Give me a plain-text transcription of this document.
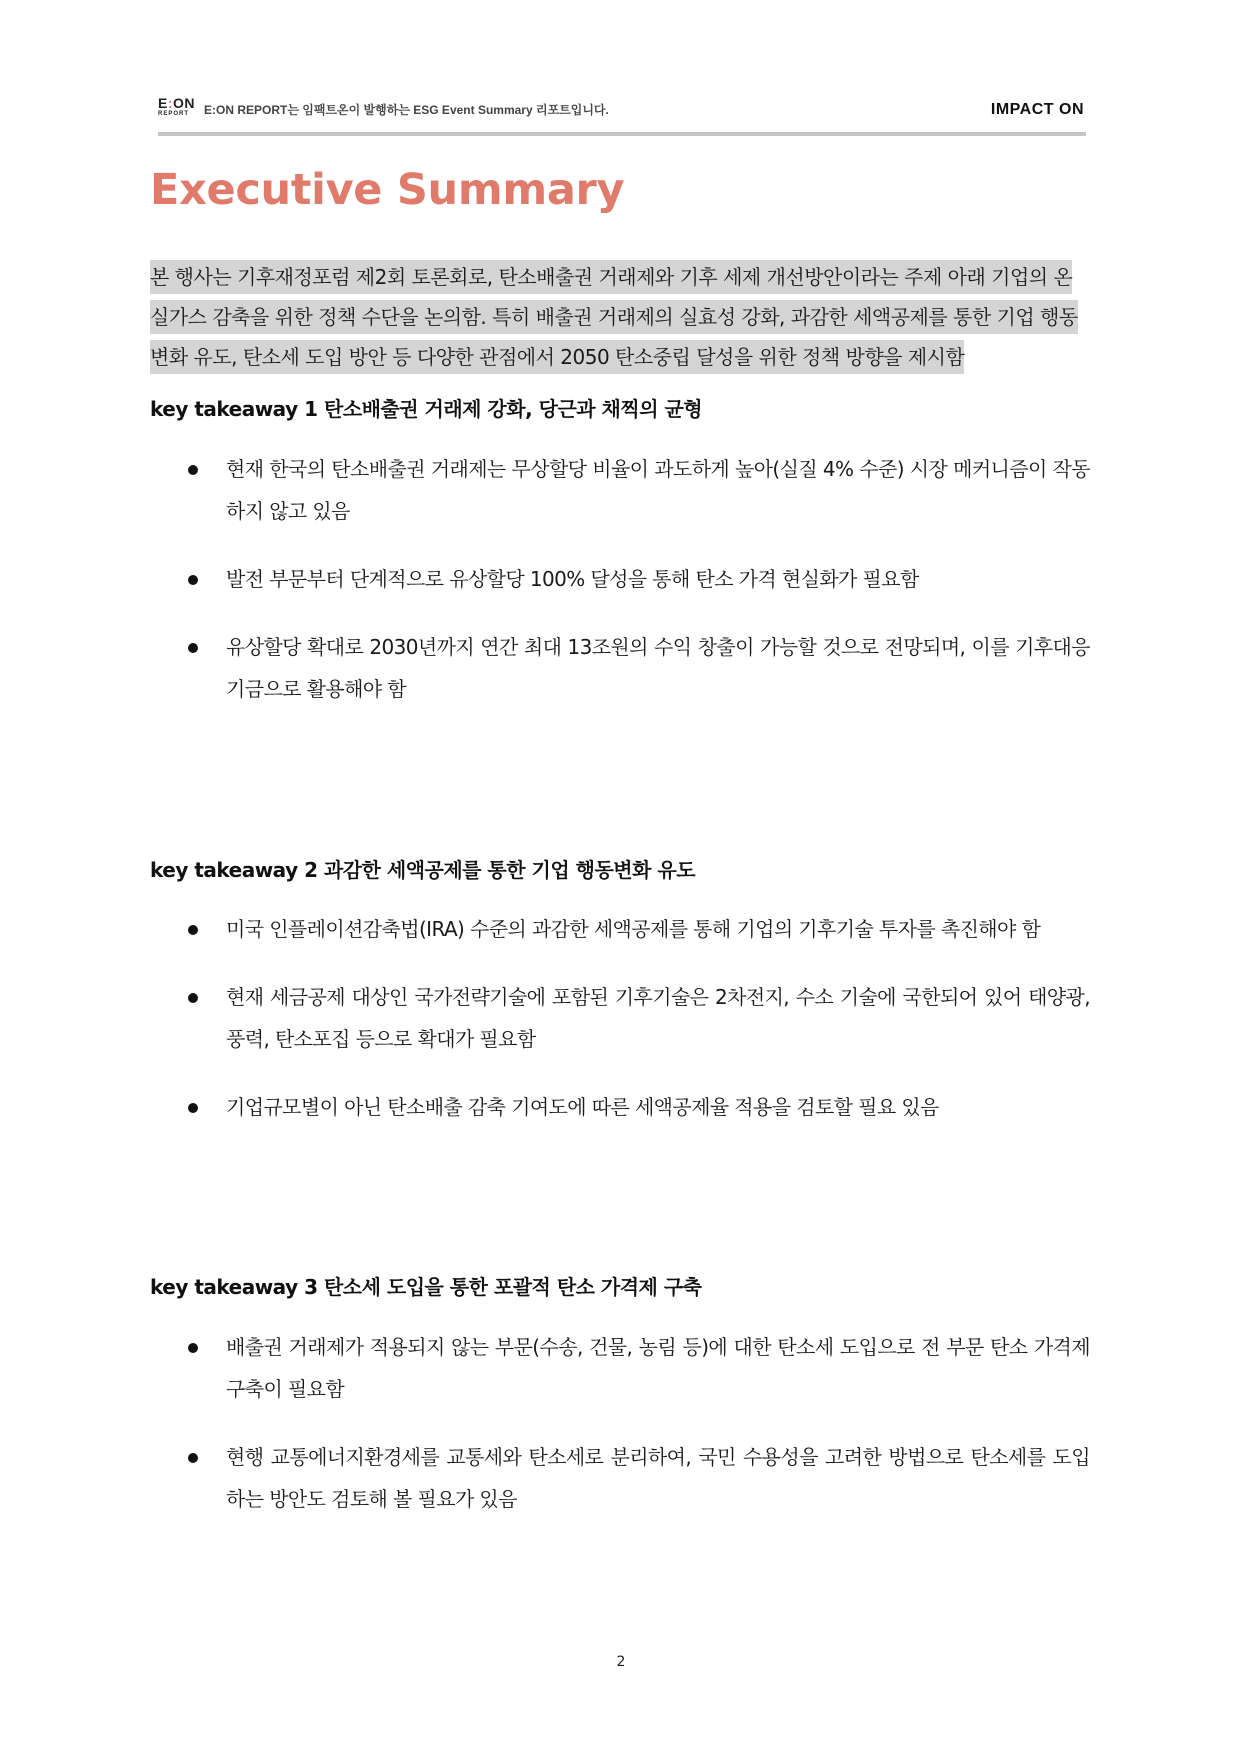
E:ON
REPORT	E:ON REPORT는 임팩트온이 발행하는 ESG Event Summary 리포트입니다.	IMPACT ON
Executive Summary

본 행사는 기후재정포럼 제2회 토론회로, 탄소배출권 거래제와 기후 세제 개선방안이라는 주제 아래 기업의 온실가스 감축을 위한 정책 수단을 논의함. 특히 배출권 거래제의 실효성 강화, 과감한 세액공제를 통한 기업 행동변화 유도, 탄소세 도입 방안 등 다양한 관점에서 2050 탄소중립 달성을 위한 정책 방향을 제시함

key takeaway 1 탄소배출권 거래제 강화, 당근과 채찍의 균형
현재 한국의 탄소배출권 거래제는 무상할당 비율이 과도하게 높아(실질 4% 수준) 시장 메커니즘이 작동하지 않고 있음
발전 부문부터 단계적으로 유상할당 100% 달성을 통해 탄소 가격 현실화가 필요함
유상할당 확대로 2030년까지 연간 최대 13조원의 수익 창출이 가능할 것으로 전망되며, 이를 기후대응기금으로 활용해야 함
key takeaway 2 과감한 세액공제를 통한 기업 행동변화 유도
미국 인플레이션감축법(IRA) 수준의 과감한 세액공제를 통해 기업의 기후기술 투자를 촉진해야 함
현재 세금공제 대상인 국가전략기술에 포함된 기후기술은 2차전지, 수소 기술에 국한되어 있어 태양광, 풍력, 탄소포집 등으로 확대가 필요함
기업규모별이 아닌 탄소배출 감축 기여도에 따른 세액공제율 적용을 검토할 필요 있음
key takeaway 3 탄소세 도입을 통한 포괄적 탄소 가격제 구축
배출권 거래제가 적용되지 않는 부문(수송, 건물, 농림 등)에 대한 탄소세 도입으로 전 부문 탄소 가격제 구축이 필요함
현행 교통에너지환경세를 교통세와 탄소세로 분리하여, 국민 수용성을 고려한 방법으로 탄소세를 도입하는 방안도 검토해 볼 필요가 있음
2
